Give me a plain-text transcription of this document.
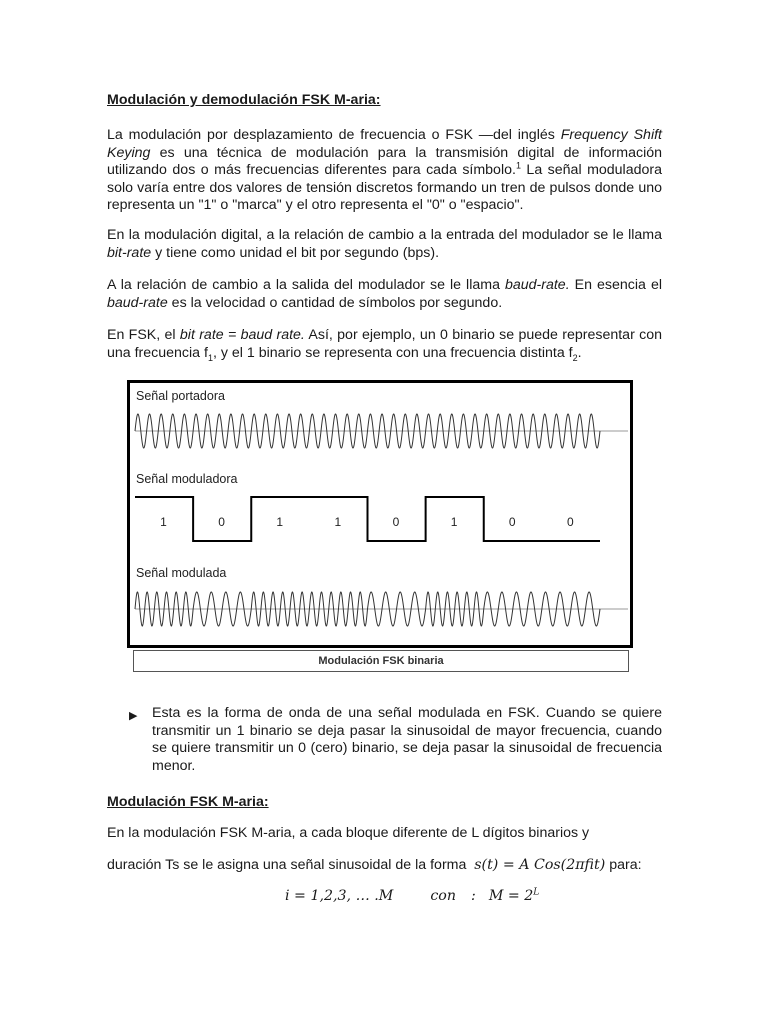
Modulación y demodulación FSK M-aria:

La modulación por desplazamiento de frecuencia o FSK —del inglés Frequency Shift Keying es una técnica de modulación para la transmisión digital de información utilizando dos o más frecuencias diferentes para cada símbolo.$^1$ La señal moduladora solo varía entre dos valores de tensión discretos formando un tren de pulsos donde uno representa un "1" o "marca" y el otro representa el "0" o "espacio".

En la modulación digital, a la relación de cambio a la entrada del modulador se le llama bit-rate y tiene como unidad el bit por segundo (bps).

A la relación de cambio a la salida del modulador se le llama baud-rate. En esencia el baud-rate es la velocidad o cantidad de símbolos por segundo.

En FSK, el bit rate = baud rate. Así, por ejemplo, un 0 binario se puede representar con una frecuencia $f_1$, y el 1 binario se representa con una frecuencia distinta $f_2$.

Señal portadora
Señal moduladora
Señal modulada
1	0	1	1	0	1	0	0
Modulación FSK binaria
▶ Esta es la forma de onda de una señal modulada en FSK. Cuando se quiere transmitir un 1 binario se deja pasar la sinusoidal de mayor frecuencia, cuando se quiere transmitir un 0 (cero) binario, se deja pasar la sinusoidal de frecuencia menor.

Modulación FSK M-aria:

En la modulación FSK M-aria, a cada bloque diferente de L dígitos binarios y

duración Ts se le asigna una señal sinusoidal de la forma s(t) = A Cos(2πfit) para:

i = 1,2,3, … .M	con : $M = 2^L$
